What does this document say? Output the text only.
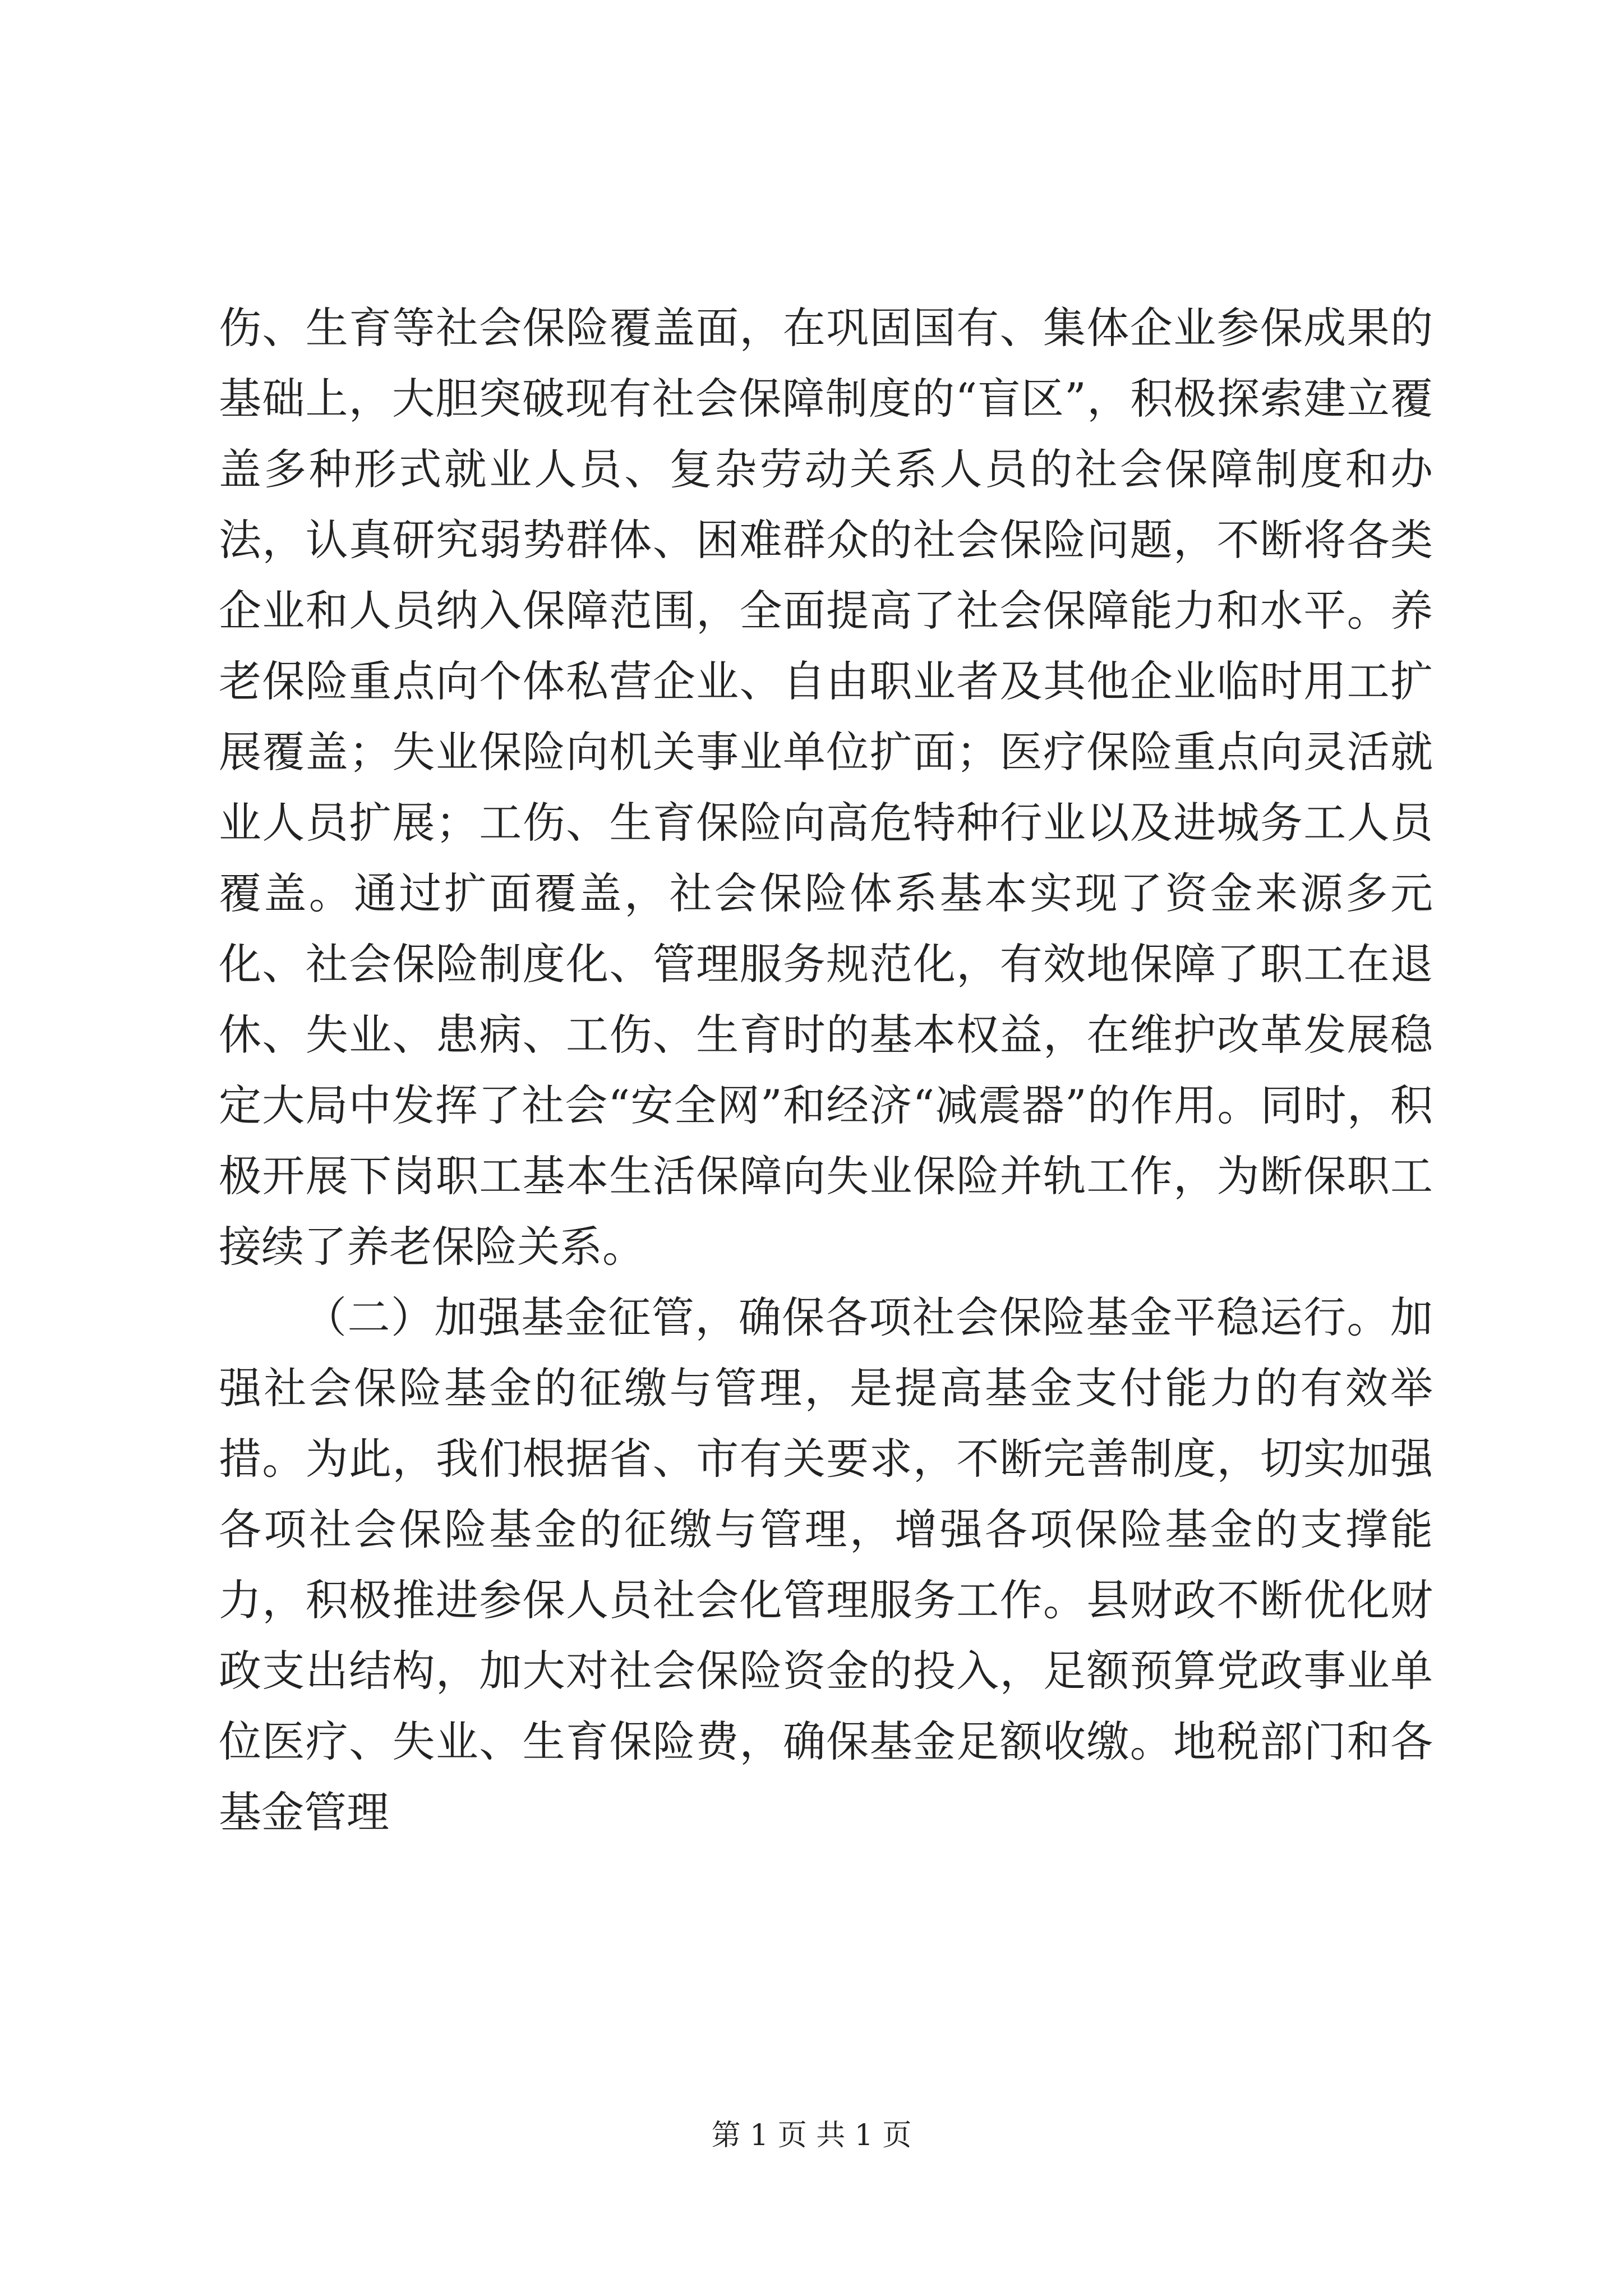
伤、生育等社会保险覆盖面，在巩固国有、集体企业参保成果的基础上，大胆突破现有社会保障制度的“盲区”，积极探索建立覆盖多种形式就业人员、复杂劳动关系人员的社会保障制度和办法，认真研究弱势群体、困难群众的社会保险问题，不断将各类企业和人员纳入保障范围，全面提高了社会保障能力和水平。养老保险重点向个体私营企业、自由职业者及其他企业临时用工扩展覆盖；失业保险向机关事业单位扩面；医疗保险重点向灵活就业人员扩展；工伤、生育保险向高危特种行业以及进城务工人员覆盖。通过扩面覆盖，社会保险体系基本实现了资金来源多元化、社会保险制度化、管理服务规范化，有效地保障了职工在退休、失业、患病、工伤、生育时的基本权益，在维护改革发展稳定大局中发挥了社会“安全网”和经济“减震器”的作用。同时，积极开展下岗职工基本生活保障向失业保险并轨工作，为断保职工接续了养老保险关系。

（二）加强基金征管，确保各项社会保险基金平稳运行。加强社会保险基金的征缴与管理，是提高基金支付能力的有效举措。为此，我们根据省、市有关要求，不断完善制度，切实加强各项社会保险基金的征缴与管理，增强各项保险基金的支撑能力，积极推进参保人员社会化管理服务工作。县财政不断优化财政支出结构，加大对社会保险资金的投入，足额预算党政事业单位医疗、失业、生育保险费，确保基金足额收缴。地税部门和各基金管理

第 1 页 共 1 页
